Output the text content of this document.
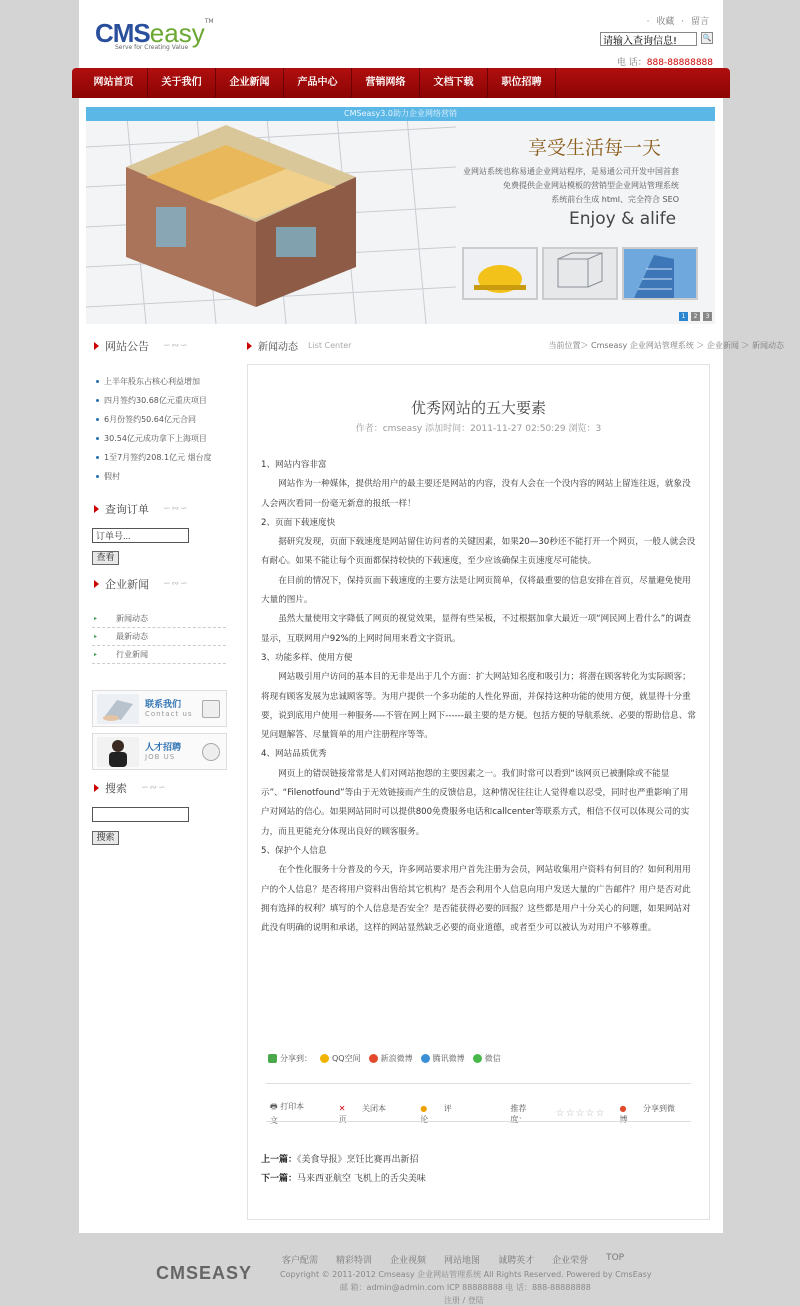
CMS easy TM
Serve for Creating Value
· 收藏 · 留言
请输入查询信息!
🔍
电 话：888-88888888
网站首页	关于我们	企业新闻	产品中心	营销网络	文档下载	职位招聘
CMSeasy3.0助力企业网络营销
享受生活每一天
业网站系统也称易通企业网站程序，是易通公司开发中国首套
免费提供企业网站模板的营销型企业网站管理系统
系统前台生成 html、完全符合 SEO
Enjoy & alife
1	2	3
网站公告 ∽∾∽
上半年股东占核心利益增加
四月签约30.68亿元重庆项目
6月份签约50.64亿元合同
30.54亿元成功拿下上海项目
1至7月签约208.1亿元 烟台度
假村
查询订单 ∽∾∽
订单号...
查看
企业新闻 ∽∾∽
▸ 新闻动态
▸ 最新动态
▸ 行业新闻
联系我们
Contact us
人才招聘
JOB US
搜索 ∽∾∽
搜索
新闻动态 List Center	当前位置＞ Cmseasy 企业网站管理系统 ＞ 企业新闻 ＞ 新闻动态
优秀网站的五大要素
作者：cmseasy 添加时间：2011-11-27 02:50:29 浏览：3

1、网站内容非富

网站作为一种媒体，提供给用户的最主要还是网站的内容，没有人会在一个没内容的网站上留连往返，就象没人会两次看同一份毫无新意的报纸一样！

2、页面下载速度快

据研究发现，页面下载速度是网站留住访问者的关键因素，如果20—30秒还不能打开一个网页，一般人就会没有耐心。如果不能让每个页面都保持较快的下载速度，至少应该确保主页速度尽可能快。

在目前的情况下，保持页面下载速度的主要方法是让网页简单，仅将最重要的信息安排在首页，尽量避免使用大量的图片。

虽然大量使用文字降低了网页的视觉效果，显得有些呆板，不过根据加拿大最近一项“网民网上看什么”的调查显示，互联网用户92%的上网时间用来看文字资讯。

3、功能多样、使用方便

网站吸引用户访问的基本目的无非是出于几个方面：扩大网站知名度和吸引力；将潜在顾客转化为实际顾客；将现有顾客发展为忠诚顾客等。为用户提供一个多功能的人性化界面，并保持这种功能的使用方便，就显得十分重要，说到底用户使用一种服务----不管在网上网下------最主要的是方便。包括方便的导航系统、必要的帮助信息、常见问题解答、尽量简单的用户注册程序等等。

4、网站品质优秀

网页上的错误链接常常是人们对网站抱怨的主要因素之一。我们时常可以看到“该网页已被删除或不能显示”、“Filenotfound”等由于无效链接而产生的反馈信息，这种情况往往让人觉得难以忍受，同时也严重影响了用户对网站的信心。如果网站同时可以提供800免费服务电话和callcenter等联系方式，相信不仅可以体现公司的实力，而且更能充分体现出良好的顾客服务。

5、保护个人信息

在个性化服务十分普及的今天，许多网站要求用户首先注册为会员，网站收集用户资料有何目的？如何利用用户的个人信息？是否将用户资料出售给其它机构？是否会利用个人信息向用户发送大量的广告邮件？用户是否对此拥有选择的权利？填写的个人信息是否安全？是否能获得必要的回报？这些都是用户十分关心的问题，如果网站对此没有明确的说明和承诺，这样的网站显然缺乏必要的商业道德，或者至少可以被认为对用户不够尊重。

分享到：	QQ空间	新浪微博	腾讯微博	微信
🖶 打印本文
✕ 关闭本页
● 评论
推荐度：	☆☆☆☆☆ ● 分享到微博
上一篇：《美食导报》烹饪比赛再出新招
下一篇：马来西亚航空 飞机上的舌尖美味
CMSEASY
客户配需 精彩特训 企业视频 网站地图 诚聘英才 企业荣誉 TOP
Copyright © 2011-2012 Cmseasy 企业网站管理系统 All Rights Reserved. Powered by CmsEasy
邮 箱：admin@admin.com ICP 88888888 电 话：888-88888888
注册 / 登陆
